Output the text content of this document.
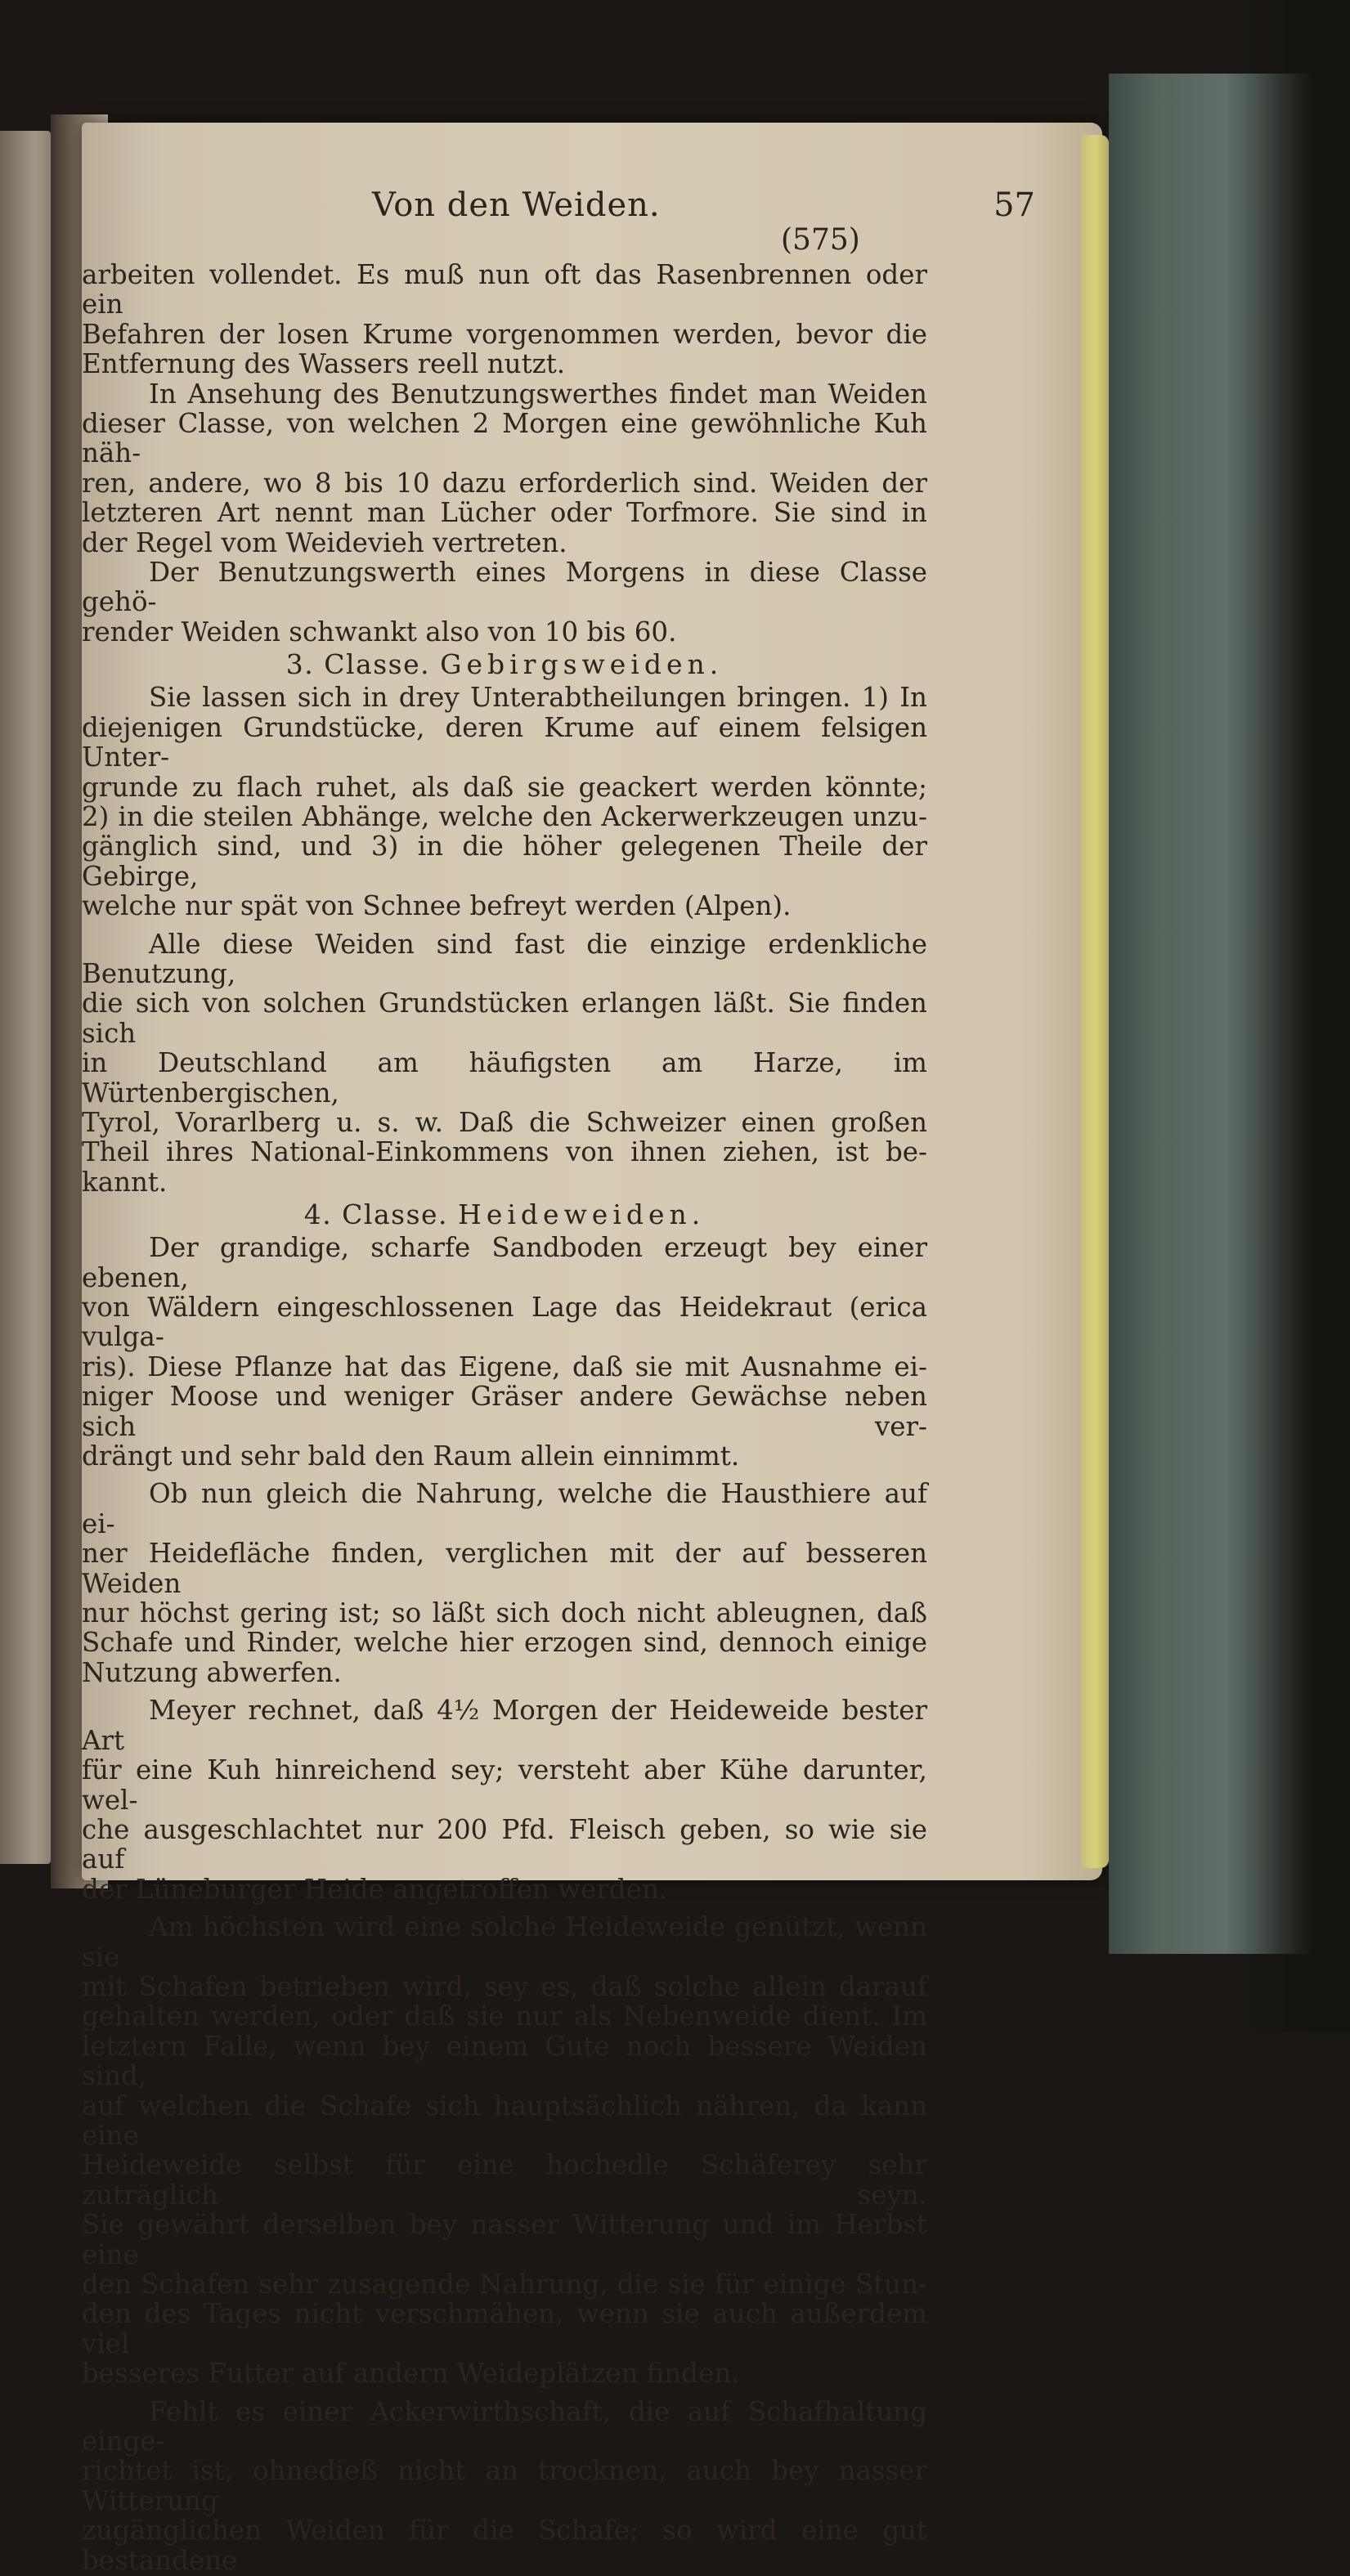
Von den Weiden.	57
(575)

arbeiten vollendet. Es muß nun oft das Rasenbrennen oder ein

Befahren der losen Krume vorgenommen werden, bevor die

Entfernung des Wassers reell nutzt.

In Ansehung des Benutzungswerthes findet man Weiden

dieser Classe, von welchen 2 Morgen eine gewöhnliche Kuh näh-

ren, andere, wo 8 bis 10 dazu erforderlich sind. Weiden der

letzteren Art nennt man Lücher oder Torfmore. Sie sind in

der Regel vom Weidevieh vertreten.

Der Benutzungswerth eines Morgens in diese Classe gehö-

render Weiden schwankt also von 10 bis 60.

3. Classe. Gebirgsweiden.

Sie lassen sich in drey Unterabtheilungen bringen. 1) In

diejenigen Grundstücke, deren Krume auf einem felsigen Unter-

grunde zu flach ruhet, als daß sie geackert werden könnte;

2) in die steilen Abhänge, welche den Ackerwerkzeugen unzu-

gänglich sind, und 3) in die höher gelegenen Theile der Gebirge,

welche nur spät von Schnee befreyt werden (Alpen).

Alle diese Weiden sind fast die einzige erdenkliche Benutzung,

die sich von solchen Grundstücken erlangen läßt. Sie finden sich

in Deutschland am häufigsten am Harze, im Würtenbergischen,

Tyrol, Vorarlberg u. s. w. Daß die Schweizer einen großen

Theil ihres National-Einkommens von ihnen ziehen, ist be-

kannt.

4. Classe. Heideweiden.

Der grandige, scharfe Sandboden erzeugt bey einer ebenen,

von Wäldern eingeschlossenen Lage das Heidekraut (erica vulga-

ris). Diese Pflanze hat das Eigene, daß sie mit Ausnahme ei-

niger Moose und weniger Gräser andere Gewächse neben sich ver-

drängt und sehr bald den Raum allein einnimmt.

Ob nun gleich die Nahrung, welche die Hausthiere auf ei-

ner Heidefläche finden, verglichen mit der auf besseren Weiden

nur höchst gering ist; so läßt sich doch nicht ableugnen, daß

Schafe und Rinder, welche hier erzogen sind, dennoch einige

Nutzung abwerfen.

Meyer rechnet, daß 4½ Morgen der Heideweide bester Art

für eine Kuh hinreichend sey; versteht aber Kühe darunter, wel-

che ausgeschlachtet nur 200 Pfd. Fleisch geben, so wie sie auf

der Lüneburger Heide angetroffen werden.

Am höchsten wird eine solche Heideweide genützt, wenn sie

mit Schafen betrieben wird, sey es, daß solche allein darauf

gehalten werden, oder daß sie nur als Nebenweide dient. Im

letztern Falle, wenn bey einem Gute noch bessere Weiden sind,

auf welchen die Schafe sich hauptsächlich nähren, da kann eine

Heideweide selbst für eine hochedle Schäferey sehr zuträglich seyn.

Sie gewährt derselben bey nasser Witterung und im Herbst eine

den Schafen sehr zusagende Nahrung, die sie für einige Stun-

den des Tages nicht verschmähen, wenn sie auch außerdem viel

besseres Futter auf andern Weideplätzen finden.

Fehlt es einer Ackerwirthschaft, die auf Schafhaltung einge-

richtet ist, ohnedieß nicht an trocknen, auch bey nasser Witterung

zugänglichen Weiden für die Schafe; so wird eine gut bestandene
